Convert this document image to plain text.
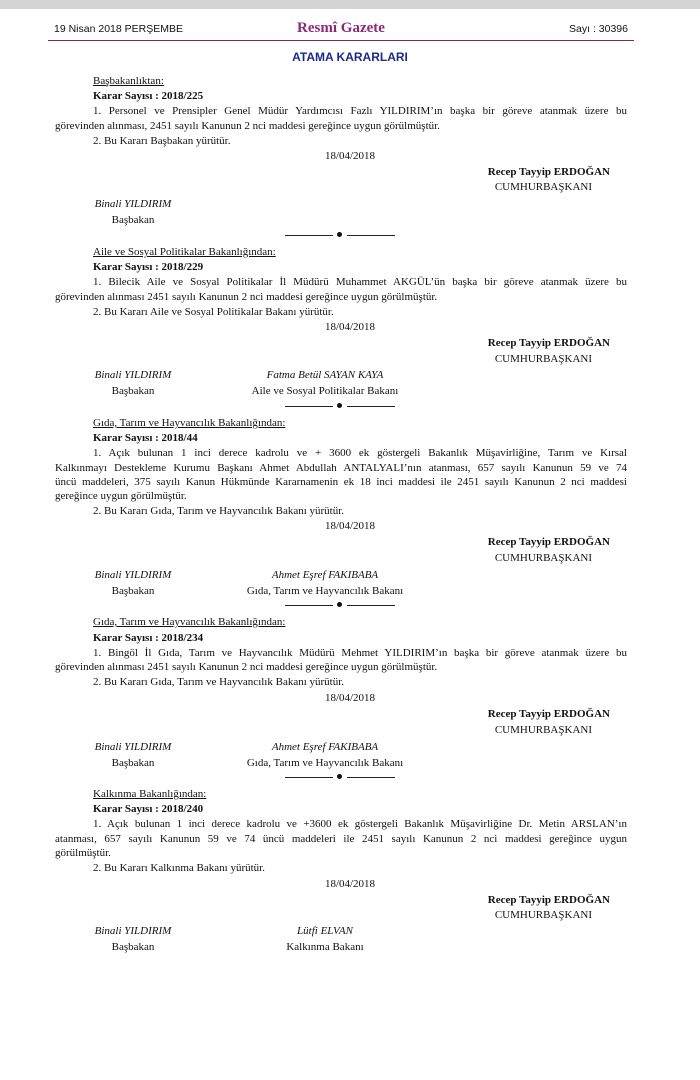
19 Nisan 2018 PERŞEMBE	Resmî Gazete	Sayı : 30396
ATAMA KARARLARI
Başbakanlıktan:
Karar Sayısı : 2018/225
1. Personel ve Prensipler Genel Müdür Yardımcısı Fazlı YILDIRIM’ın başka bir göreve atanmak üzere bu
görevinden alınması, 2451 sayılı Kanunun 2 nci maddesi gereğince uygun görülmüştür.
2. Bu Kararı Başbakan yürütür.
18/04/2018
Recep Tayyip ERDOĞAN
CUMHURBAŞKANI
Binali YILDIRIM
Başbakan
Aile ve Sosyal Politikalar Bakanlığından:
Karar Sayısı : 2018/229
1. Bilecik Aile ve Sosyal Politikalar İl Müdürü Muhammet AKGÜL’ün başka bir göreve atanmak üzere bu
görevinden alınması 2451 sayılı Kanunun 2 nci maddesi gereğince uygun görülmüştür.
2. Bu Kararı Aile ve Sosyal Politikalar Bakanı yürütür.
18/04/2018
Recep Tayyip ERDOĞAN
CUMHURBAŞKANI
Binali YILDIRIM	Fatma Betül SAYAN KAYA
Başbakan	Aile ve Sosyal Politikalar Bakanı
Gıda, Tarım ve Hayvancılık Bakanlığından:
Karar Sayısı : 2018/44
1. Açık bulunan 1 inci derece kadrolu ve + 3600 ek göstergeli Bakanlık Müşavirliğine, Tarım ve Kırsal
Kalkınmayı Destekleme Kurumu Başkanı Ahmet Abdullah ANTALYALI’nın atanması, 657 sayılı Kanunun 59 ve 74
üncü maddeleri, 375 sayılı Kanun Hükmünde Kararnamenin ek 18 inci maddesi ile 2451 sayılı Kanunun 2 nci maddesi
gereğince uygun görülmüştür.
2. Bu Kararı Gıda, Tarım ve Hayvancılık Bakanı yürütür.
18/04/2018
Recep Tayyip ERDOĞAN
CUMHURBAŞKANI
Binali YILDIRIM	Ahmet Eşref FAKIBABA
Başbakan	Gıda, Tarım ve Hayvancılık Bakanı
Gıda, Tarım ve Hayvancılık Bakanlığından:
Karar Sayısı : 2018/234
1. Bingöl İl Gıda, Tarım ve Hayvancılık Müdürü Mehmet YILDIRIM’ın başka bir göreve atanmak üzere bu
görevinden alınması 2451 sayılı Kanunun 2 nci maddesi gereğince uygun görülmüştür.
2. Bu Kararı Gıda, Tarım ve Hayvancılık Bakanı yürütür.
18/04/2018
Recep Tayyip ERDOĞAN
CUMHURBAŞKANI
Binali YILDIRIM	Ahmet Eşref FAKIBABA
Başbakan	Gıda, Tarım ve Hayvancılık Bakanı
Kalkınma Bakanlığından:
Karar Sayısı : 2018/240
1. Açık bulunan 1 inci derece kadrolu ve +3600 ek göstergeli Bakanlık Müşavirliğine Dr. Metin ARSLAN’ın
atanması, 657 sayılı Kanunun 59 ve 74 üncü maddeleri ile 2451 sayılı Kanunun 2 nci maddesi gereğince uygun
görülmüştür.
2. Bu Kararı Kalkınma Bakanı yürütür.
18/04/2018
Recep Tayyip ERDOĞAN
CUMHURBAŞKANI
Binali YILDIRIM	Lütfi ELVAN
Başbakan	Kalkınma Bakanı
